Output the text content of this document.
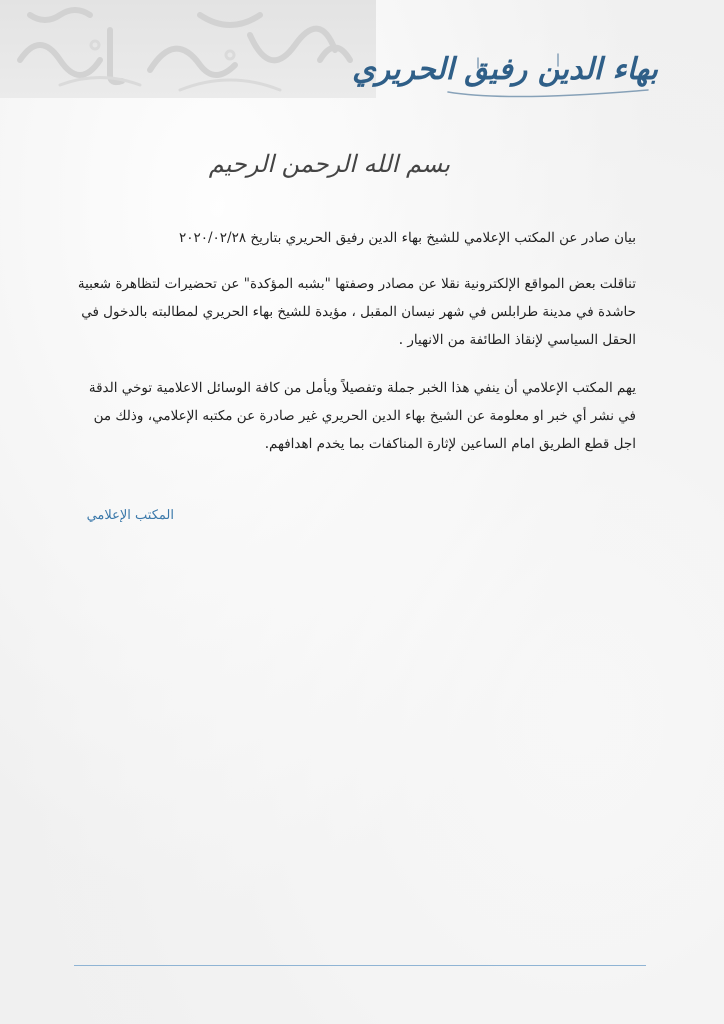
بهاء الدين رفيق الحريري
بسم الله الرحمن الرحيم
بيان صادر عن المكتب الإعلامي للشيخ بهاء الدين رفيق الحريري بتاريخ ٢٠٢٠/٠٢/٢٨
تناقلت بعض المواقع الإلكترونية نقلا عن مصادر وصفتها "بشبه المؤكدة" عن تحضيرات لتظاهرة شعبية حاشدة في مدينة طرابلس في شهر نيسان المقبل ، مؤيدة للشيخ بهاء الحريري لمطالبته بالدخول في الحقل السياسي لإنقاذ الطائفة من الانهيار .
يهم المكتب الإعلامي أن ينفي هذا الخبر جملة وتفصيلاً ويأمل من كافة الوسائل الاعلامية توخي الدقة في نشر أي خبر او معلومة عن الشيخ بهاء الدين الحريري غير صادرة عن مكتبه الإعلامي، وذلك من اجل قطع الطريق امام الساعين لإثارة المناكفات بما يخدم اهدافهم.
المكتب الإعلامي
